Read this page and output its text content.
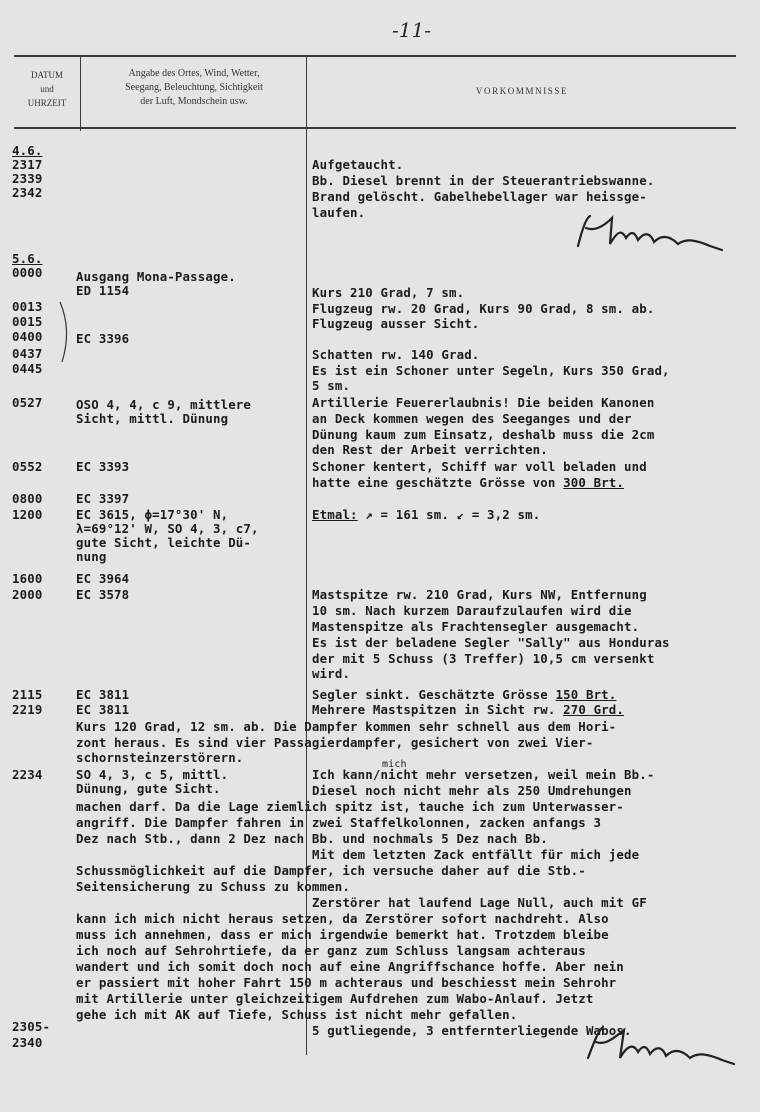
-11-
DATUM
und
UHRZEIT
Angabe des Ortes, Wind, Wetter,
Seegang, Beleuchtung, Sichtigkeit
der Luft, Mondschein usw.
VORKOMMNISSE
4.6.
2317
2339
2342
5.6.
0000
0013
0015
0400
0437
0445
0527
0552
0800
1200
1600
2000
2115
2219
2234
2305-
2340
Ausgang Mona-Passage.
ED 1154
EC 3396
OSO 4, 4, c 9, mittlere
Sicht, mittl. Dünung
EC 3393
EC 3397
EC 3615, ϕ=17°30' N,
λ=69°12' W, SO 4, 3, c7,
gute Sicht, leichte Dü-
nung
EC 3964
EC 3578
EC 3811
EC 3811
SO 4, 3, c 5, mittl.
Dünung, gute Sicht.
Aufgetaucht.
Bb. Diesel brennt in der Steuerantriebswanne.
Brand gelöscht. Gabelhebellager war heissge-
laufen.
Kurs 210 Grad, 7 sm.
Flugzeug rw. 20 Grad, Kurs 90 Grad, 8 sm. ab.
Flugzeug ausser Sicht.
Schatten rw. 140 Grad.
Es ist ein Schoner unter Segeln, Kurs 350 Grad,
5 sm.
Artillerie Feuererlaubnis! Die beiden Kanonen
an Deck kommen wegen des Seeganges und der
Dünung kaum zum Einsatz, deshalb muss die 2cm
den Rest der Arbeit verrichten.
Schoner kentert, Schiff war voll beladen und
hatte eine geschätzte Grösse von 300 Brt.
Etmal: ↗ = 161 sm. ↙ = 3,2 sm.
Mastspitze rw. 210 Grad, Kurs NW, Entfernung
10 sm. Nach kurzem Daraufzulaufen wird die
Mastenspitze als Frachtensegler ausgemacht.
Es ist der beladene Segler "Sally" aus Honduras
der mit 5 Schuss (3 Treffer) 10,5 cm versenkt
wird.
Segler sinkt. Geschätzte Grösse 150 Brt.
Mehrere Mastspitzen in Sicht rw. 270 Grd.
Kurs 120 Grad, 12 sm. ab. Die Dampfer kommen sehr schnell aus dem Hori-
zont heraus. Es sind vier Passagierdampfer, gesichert von zwei Vier-
schornsteinzerstörern.	mich
Ich kann/nicht mehr versetzen, weil mein Bb.-
Diesel noch nicht mehr als 250 Umdrehungen
machen darf. Da die Lage ziemlich spitz ist, tauche ich zum Unterwasser-
angriff. Die Dampfer fahren in zwei Staffelkolonnen, zacken anfangs 3
Dez nach Stb., dann 2 Dez nach Bb. und nochmals 5 Dez nach Bb.
Mit dem letzten Zack entfällt für mich jede
Schussmöglichkeit auf die Dampfer, ich versuche daher auf die Stb.-
Seitensicherung zu Schuss zu kommen.
Zerstörer hat laufend Lage Null, auch mit GF
kann ich mich nicht heraus setzen, da Zerstörer sofort nachdreht. Also
muss ich annehmen, dass er mich irgendwie bemerkt hat. Trotzdem bleibe
ich noch auf Sehrohrtiefe, da er ganz zum Schluss langsam achteraus
wandert und ich somit doch noch auf eine Angriffschance hoffe. Aber nein
er passiert mit hoher Fahrt 150 m achteraus und beschiesst mein Sehrohr
mit Artillerie unter gleichzeitigem Aufdrehen zum Wabo-Anlauf. Jetzt
gehe ich mit AK auf Tiefe, Schuss ist nicht mehr gefallen.
5 gutliegende, 3 entfernterliegende Wabos.
